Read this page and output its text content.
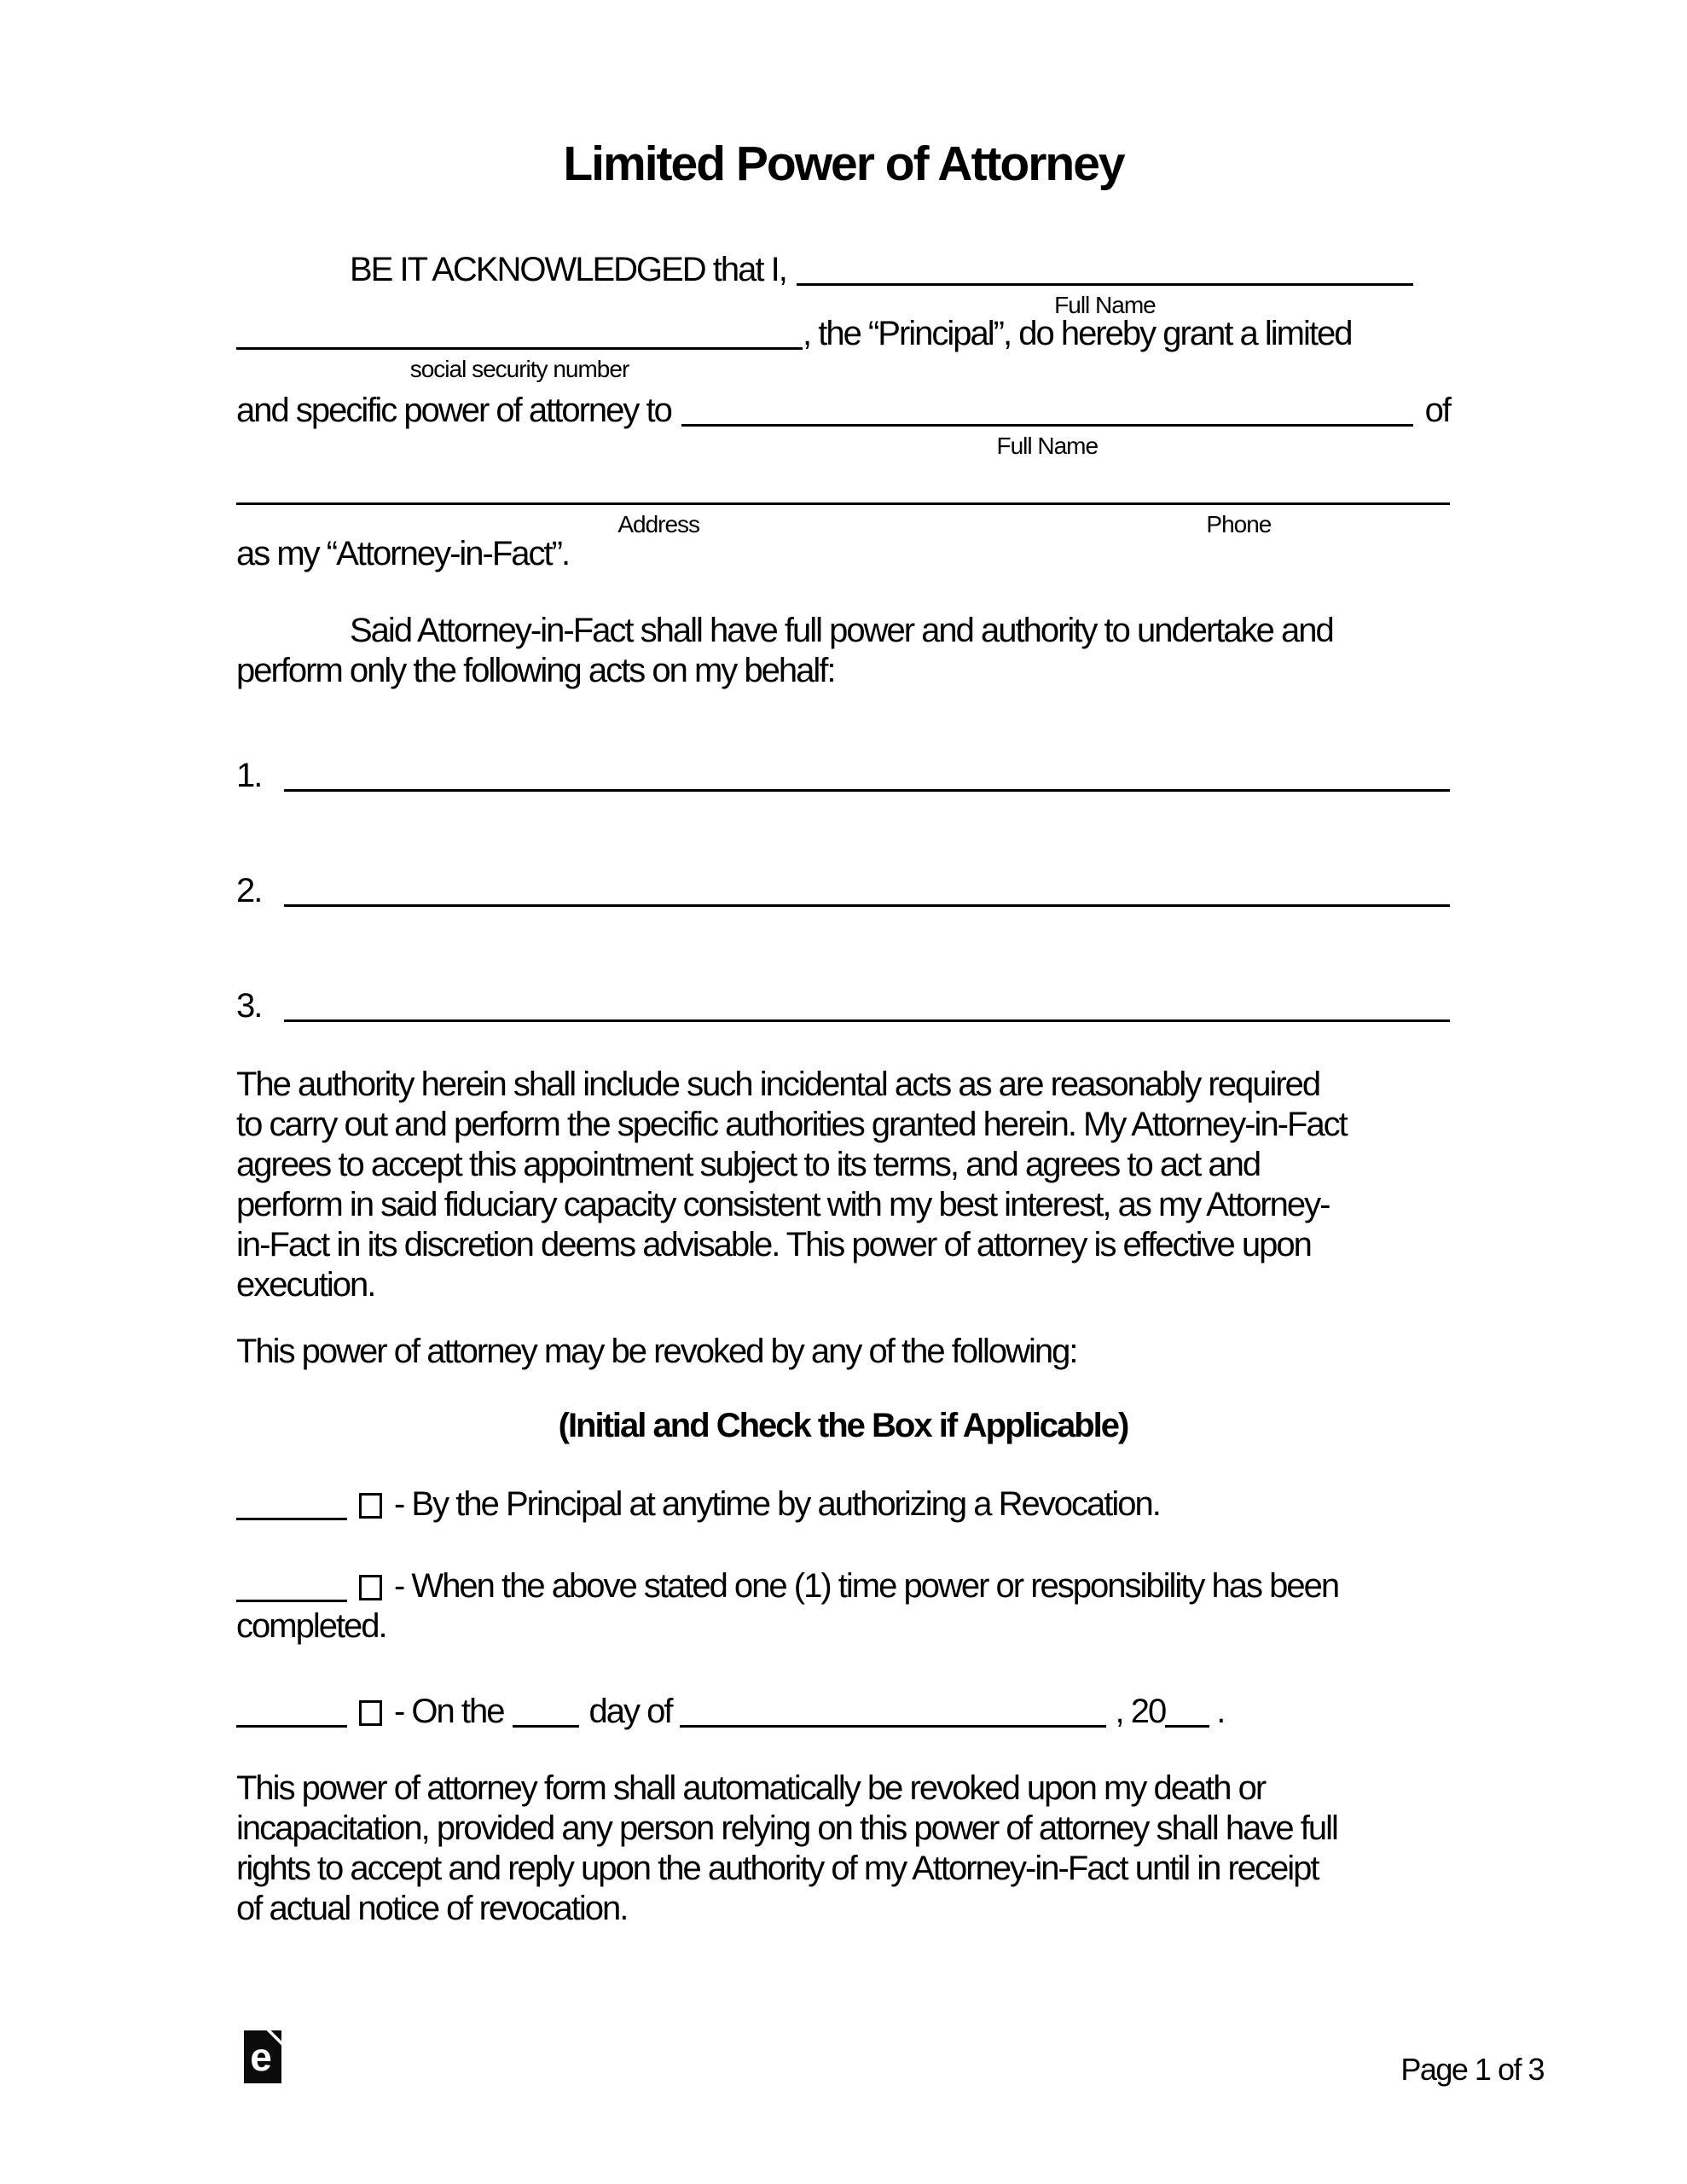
Limited Power of Attorney
BE IT ACKNOWLEDGED that I,
Full Name
social security number
, the “Principal”, do hereby grant a limited
and specific power of attorney to
Full Name
of
Address	Phone
as my “Attorney-in-Fact”.
Said Attorney-in-Fact shall have full power and authority to undertake and
perform only the following acts on my behalf:
1.
2.
3.
The authority herein shall include such incidental acts as are reasonably required
to carry out and perform the specific authorities granted herein. My Attorney-in-Fact
agrees to accept this appointment subject to its terms, and agrees to act and
perform in said fiduciary capacity consistent with my best interest, as my Attorney-
in-Fact in its discretion deems advisable. This power of attorney is effective upon
execution.
This power of attorney may be revoked by any of the following:
(Initial and Check the Box if Applicable)
- By the Principal at anytime by authorizing a Revocation.
- When the above stated one (1) time power or responsibility has been
completed.
- On the	day of	, 20 .
This power of attorney form shall automatically be revoked upon my death or
incapacitation, provided any person relying on this power of attorney shall have full
rights to accept and reply upon the authority of my Attorney-in-Fact until in receipt
of actual notice of revocation.
e	Page 1 of 3
